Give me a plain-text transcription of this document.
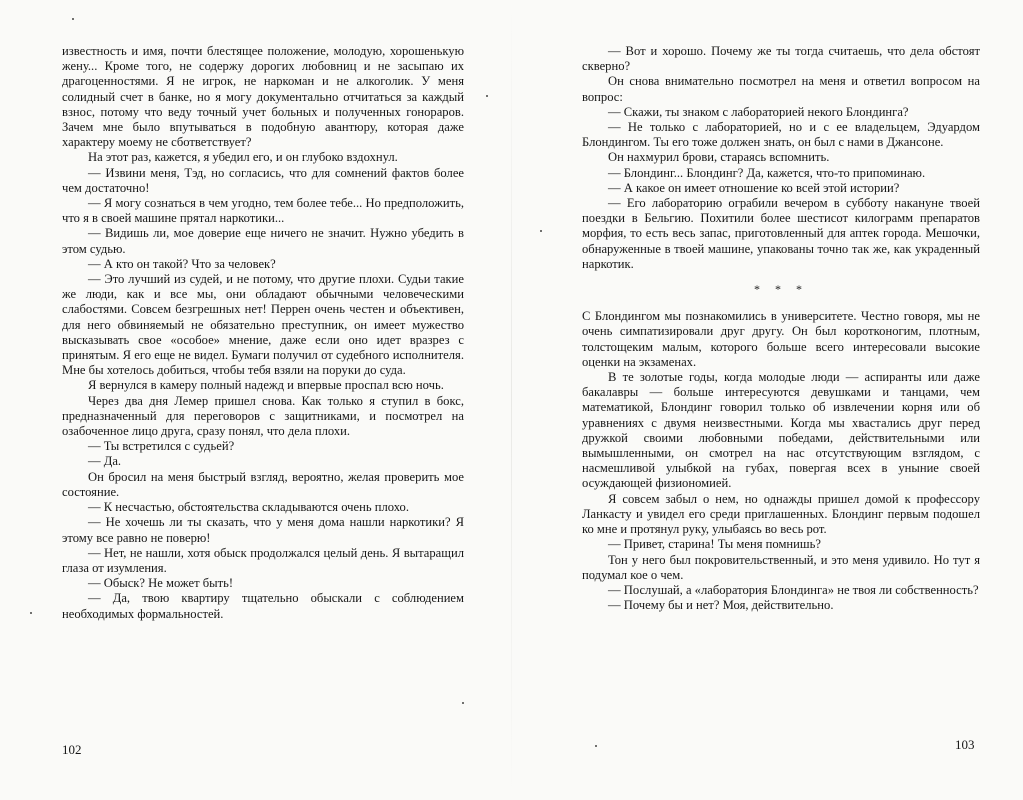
известность и имя, почти блестящее положение, молодую, хорошенькую жену... Кроме того, не содержу дорогих любовниц и не засыпаю их драгоценностями. Я не игрок, не наркоман и не алкоголик. У меня солидный счет в банке, но я могу документально отчитаться за каждый взнос, потому что веду точный учет больных и полученных гонораров. Зачем мне было впутываться в подобную авантюру, которая даже характеру моему не сбответствует?

На этот раз, кажется, я убедил его, и он глубоко вздохнул.

— Извини меня, Тэд, но согласись, что для сомнений фактов более чем достаточно!

— Я могу сознаться в чем угодно, тем более тебе... Но предположить, что я в своей машине прятал наркотики...

— Видишь ли, мое доверие еще ничего не значит. Нужно убедить в этом судью.

— А кто он такой? Что за человек?

— Это лучший из судей, и не потому, что другие плохи. Судьи такие же люди, как и все мы, они обладают обычными человеческими слабостями. Совсем безгрешных нет! Перрен очень честен и объективен, для него обвиняемый не обязательно преступник, он имеет мужество высказывать свое «особое» мнение, даже если оно идет вразрез с принятым. Я его еще не видел. Бумаги получил от судебного исполнителя. Мне бы хотелось добиться, чтобы тебя взяли на поруки до суда.

Я вернулся в камеру полный надежд и впервые проспал всю ночь.

Через два дня Лемер пришел снова. Как только я ступил в бокс, предназначенный для переговоров с защитниками, и посмотрел на озабоченное лицо друга, сразу понял, что дела плохи.

— Ты встретился с судьей?

— Да.

Он бросил на меня быстрый взгляд, вероятно, желая проверить мое состояние.

— К несчастью, обстоятельства складываются очень плохо.

— Не хочешь ли ты сказать, что у меня дома нашли наркотики? Я этому все равно не поверю!

— Нет, не нашли, хотя обыск продолжался целый день. Я вытаращил глаза от изумления.

— Обыск? Не может быть!

— Да, твою квартиру тщательно обыскали с соблюдением необходимых формальностей.

— Вот и хорошо. Почему же ты тогда считаешь, что дела обстоят скверно?

Он снова внимательно посмотрел на меня и ответил вопросом на вопрос:

— Скажи, ты знаком с лабораторией некого Блондинга?

— Не только с лабораторией, но и с ее владельцем, Эдуардом Блондингом. Ты его тоже должен знать, он был с нами в Джансоне.

Он нахмурил брови, стараясь вспомнить.

— Блондинг... Блондинг? Да, кажется, что-то припоминаю.

— А какое он имеет отношение ко всей этой истории?

— Его лабораторию ограбили вечером в субботу накануне твоей поездки в Бельгию. Похитили более шестисот килограмм препаратов морфия, то есть весь запас, приготовленный для аптек города. Мешочки, обнаруженные в твоей машине, упакованы точно так же, как украденный наркотик.

* * *

С Блондингом мы познакомились в университете. Честно говоря, мы не очень симпатизировали друг другу. Он был коротконогим, плотным, толстощеким малым, которого больше всего интересовали высокие оценки на экзаменах.

В те золотые годы, когда молодые люди — аспиранты или даже бакалавры — больше интересуются девушками и танцами, чем математикой, Блондинг говорил только об извлечении корня или об уравнениях с двумя неизвестными. Когда мы хвастались друг перед дружкой своими любовными победами, действительными или вымышленными, он смотрел на нас отсутствующим взглядом, с насмешливой улыбкой на губах, повергая всех в уныние своей осуждающей физиономией.

Я совсем забыл о нем, но однажды пришел домой к профессору Ланкасту и увидел его среди приглашенных. Блондинг первым подошел ко мне и протянул руку, улыбаясь во весь рот.

— Привет, старина! Ты меня помнишь?

Тон у него был покровительственный, и это меня удивило. Но тут я подумал кое о чем.

— Послушай, а «лаборатория Блондинга» не твоя ли собственность?

— Почему бы и нет? Моя, действительно.

102	103
